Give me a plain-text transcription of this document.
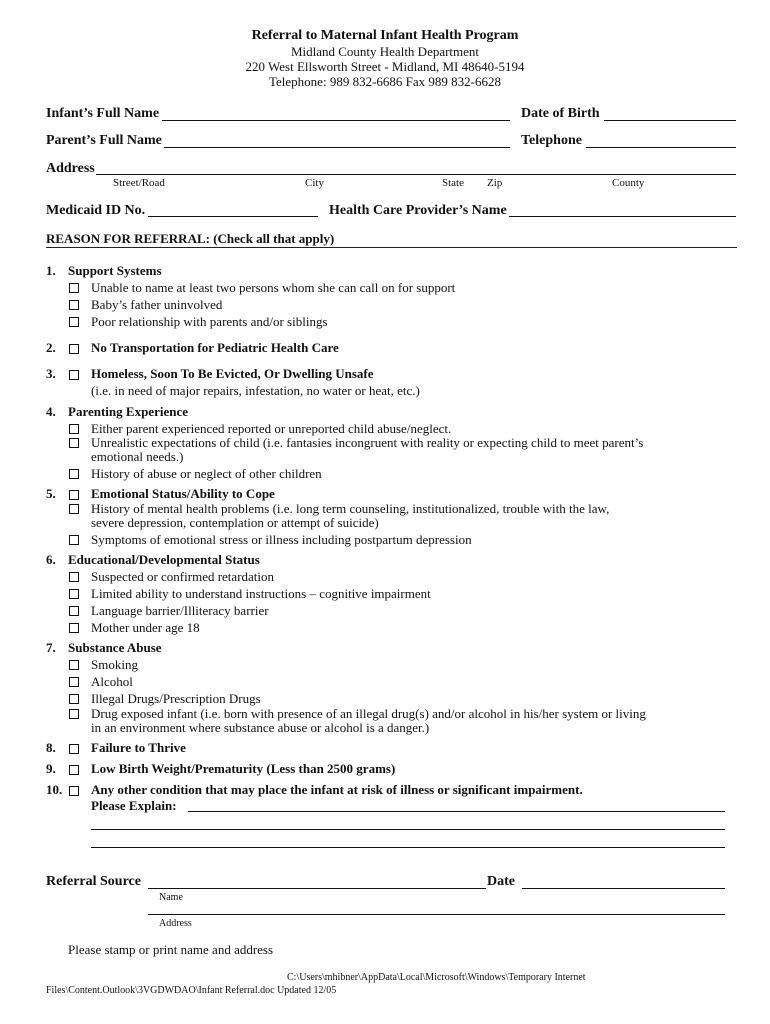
Referral to Maternal Infant Health Program
Midland County Health Department
220 West Ellsworth Street - Midland, MI 48640-5194
Telephone: 989 832-6686 Fax 989 832-6628
Infant’s Full Name	Date of Birth
Parent’s Full Name	Telephone
Address
Street/Road	City	State Zip	County
Medicaid ID No.	Health Care Provider’s Name
REASON FOR REFERRAL: (Check all that apply)
1. Support Systems
Unable to name at least two persons whom she can call on for support
Baby’s father uninvolved
Poor relationship with parents and/or siblings
2.	No Transportation for Pediatric Health Care
3.	Homeless, Soon To Be Evicted, Or Dwelling Unsafe
(i.e. in need of major repairs, infestation, no water or heat, etc.)
4. Parenting Experience
Either parent experienced reported or unreported child abuse/neglect.
Unrealistic expectations of child (i.e. fantasies incongruent with reality or expecting child to meet parent’s
emotional needs.)
History of abuse or neglect of other children
5.	Emotional Status/Ability to Cope
History of mental health problems (i.e. long term counseling, institutionalized, trouble with the law,
severe depression, contemplation or attempt of suicide)
Symptoms of emotional stress or illness including postpartum depression
6. Educational/Developmental Status
Suspected or confirmed retardation
Limited ability to understand instructions – cognitive impairment
Language barrier/Illiteracy barrier
Mother under age 18
7. Substance Abuse
Smoking
Alcohol
Illegal Drugs/Prescription Drugs
Drug exposed infant (i.e. born with presence of an illegal drug(s) and/or alcohol in his/her system or living
in an environment where substance abuse or alcohol is a danger.)
8.	Failure to Thrive
9.	Low Birth Weight/Prematurity (Less than 2500 grams)
10. Any other condition that may place the infant at risk of illness or significant impairment.
Please Explain:
Referral Source	Date
Name
Address
Please stamp or print name and address
C:\Users\mhibner\AppData\Local\Microsoft\Windows\Temporary Internet
Files\Content.Outlook\3VGDWDAO\Infant Referral.doc Updated 12/05
